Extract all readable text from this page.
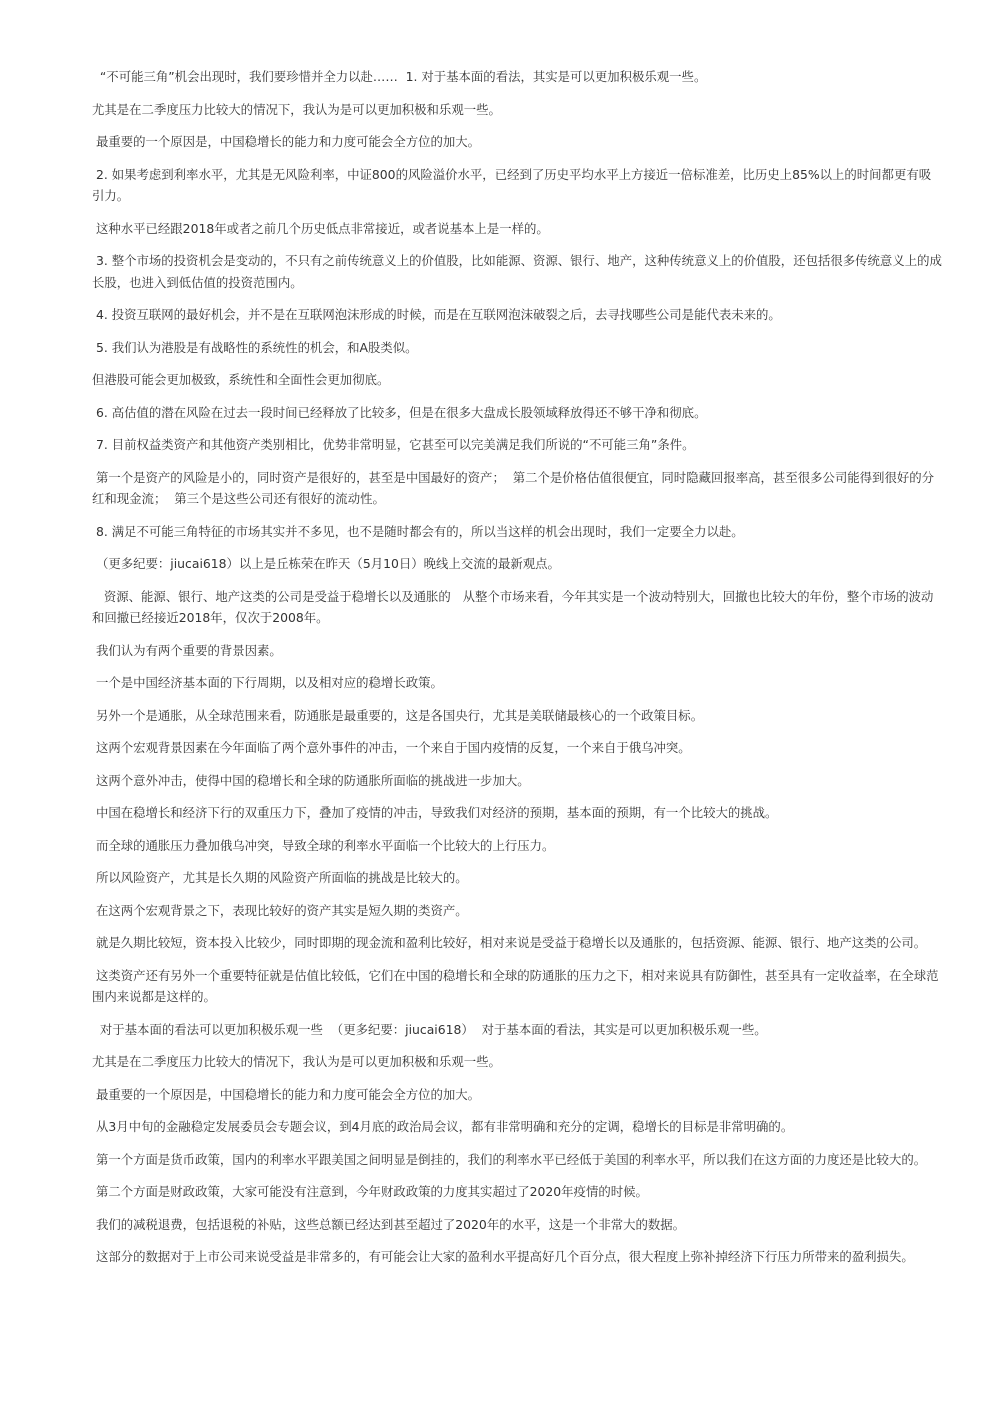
“不可能三角”机会出现时，我们要珍惜并全力以赴……  1. 对于基本面的看法，其实是可以更加积极乐观一些。

尤其是在二季度压力比较大的情况下，我认为是可以更加积极和乐观一些。

最重要的一个原因是，中国稳增长的能力和力度可能会全方位的加大。

2. 如果考虑到利率水平，尤其是无风险利率，中证800的风险溢价水平，已经到了历史平均水平上方接近一倍标准差，比历史上85%以上的时间都更有吸引力。

这种水平已经跟2018年或者之前几个历史低点非常接近，或者说基本上是一样的。

3. 整个市场的投资机会是变动的，不只有之前传统意义上的价值股，比如能源、资源、银行、地产，这种传统意义上的价值股，还包括很多传统意义上的成长股，也进入到低估值的投资范围内。

4. 投资互联网的最好机会，并不是在互联网泡沫形成的时候，而是在互联网泡沫破裂之后，去寻找哪些公司是能代表未来的。

5. 我们认为港股是有战略性的系统性的机会，和A股类似。

但港股可能会更加极致，系统性和全面性会更加彻底。

6. 高估值的潜在风险在过去一段时间已经释放了比较多，但是在很多大盘成长股领域释放得还不够干净和彻底。

7. 目前权益类资产和其他资产类别相比，优势非常明显，它甚至可以完美满足我们所说的“不可能三角”条件。

第一个是资产的风险是小的，同时资产是很好的，甚至是中国最好的资产；  第二个是价格估值很便宜，同时隐藏回报率高，甚至很多公司能得到很好的分红和现金流；  第三个是这些公司还有很好的流动性。

8. 满足不可能三角特征的市场其实并不多见，也不是随时都会有的，所以当这样的机会出现时，我们一定要全力以赴。

（更多纪要：jiucai618）以上是丘栋荣在昨天（5月10日）晚线上交流的最新观点。

资源、能源、银行、地产这类的公司是受益于稳增长以及通胀的   从整个市场来看，今年其实是一个波动特别大，回撤也比较大的年份，整个市场的波动和回撤已经接近2018年，仅次于2008年。

我们认为有两个重要的背景因素。

一个是中国经济基本面的下行周期，以及相对应的稳增长政策。

另外一个是通胀，从全球范围来看，防通胀是最重要的，这是各国央行，尤其是美联储最核心的一个政策目标。

这两个宏观背景因素在今年面临了两个意外事件的冲击，一个来自于国内疫情的反复，一个来自于俄乌冲突。

这两个意外冲击，使得中国的稳增长和全球的防通胀所面临的挑战进一步加大。

中国在稳增长和经济下行的双重压力下，叠加了疫情的冲击，导致我们对经济的预期，基本面的预期，有一个比较大的挑战。

而全球的通胀压力叠加俄乌冲突，导致全球的利率水平面临一个比较大的上行压力。

所以风险资产，尤其是长久期的风险资产所面临的挑战是比较大的。

在这两个宏观背景之下，表现比较好的资产其实是短久期的类资产。

就是久期比较短，资本投入比较少，同时即期的现金流和盈利比较好，相对来说是受益于稳增长以及通胀的，包括资源、能源、银行、地产这类的公司。

这类资产还有另外一个重要特征就是估值比较低，它们在中国的稳增长和全球的防通胀的压力之下，相对来说具有防御性，甚至具有一定收益率，在全球范围内来说都是这样的。

对于基本面的看法可以更加积极乐观一些  （更多纪要：jiucai618）  对于基本面的看法，其实是可以更加积极乐观一些。

尤其是在二季度压力比较大的情况下，我认为是可以更加积极和乐观一些。

最重要的一个原因是，中国稳增长的能力和力度可能会全方位的加大。

从3月中旬的金融稳定发展委员会专题会议，到4月底的政治局会议，都有非常明确和充分的定调，稳增长的目标是非常明确的。

第一个方面是货币政策，国内的利率水平跟美国之间明显是倒挂的，我们的利率水平已经低于美国的利率水平，所以我们在这方面的力度还是比较大的。

第二个方面是财政政策，大家可能没有注意到，今年财政政策的力度其实超过了2020年疫情的时候。

我们的减税退费，包括退税的补贴，这些总额已经达到甚至超过了2020年的水平，这是一个非常大的数据。

这部分的数据对于上市公司来说受益是非常多的，有可能会让大家的盈利水平提高好几个百分点，很大程度上弥补掉经济下行压力所带来的盈利损失。
